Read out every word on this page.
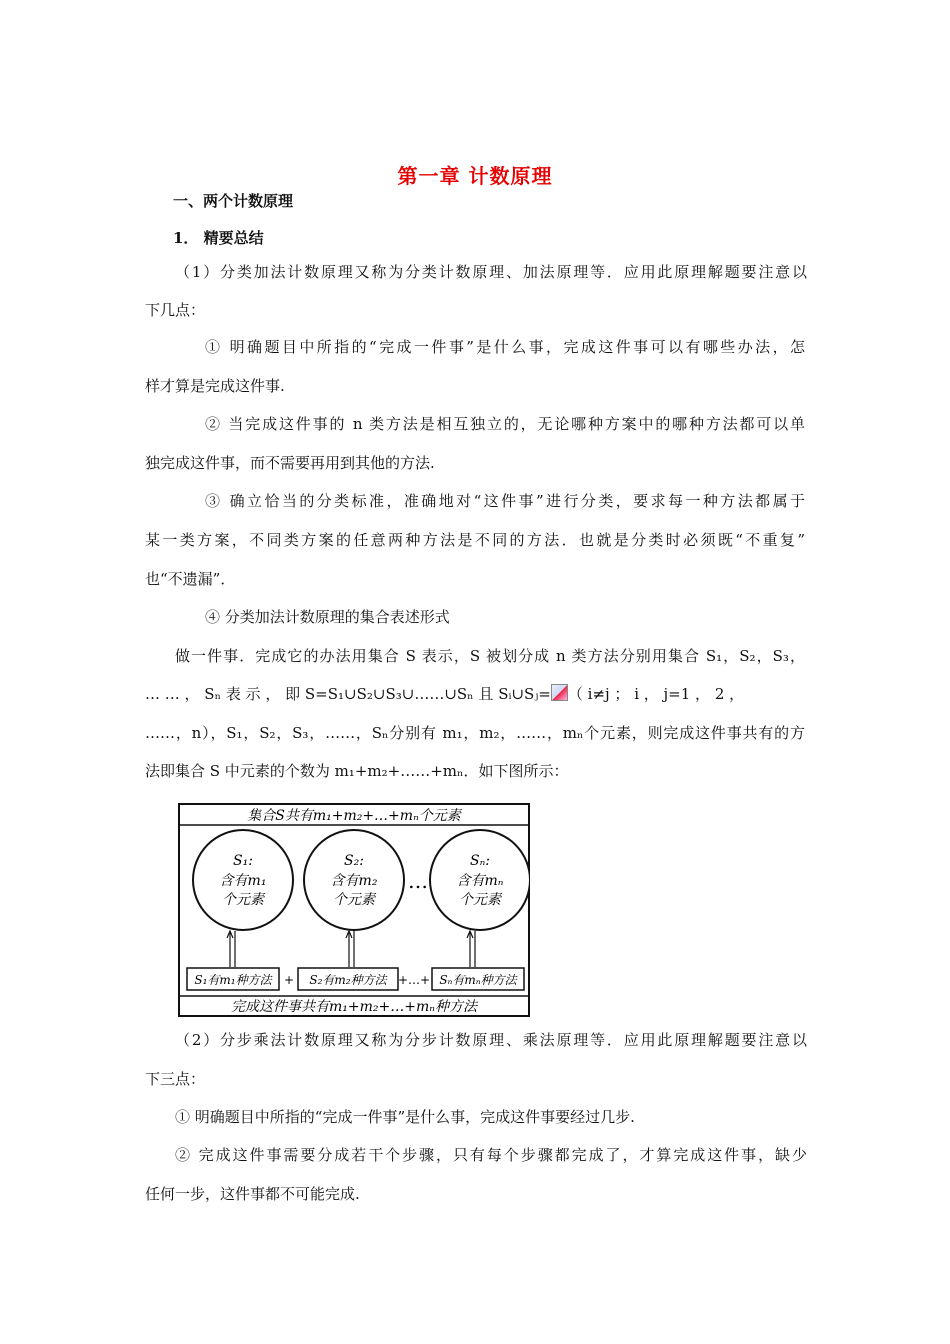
第一章 计数原理
一、两个计数原理
1． 精要总结
（1）分类加法计数原理又称为分类计数原理、加法原理等．应用此原理解题要注意以
下几点：
① 明确题目中所指的“完成一件事”是什么事，完成这件事可以有哪些办法，怎
样才算是完成这件事.
② 当完成这件事的 n 类方法是相互独立的，无论哪种方案中的哪种方法都可以单
独完成这件事，而不需要再用到其他的方法.
③ 确立恰当的分类标准，准确地对“这件事”进行分类，要求每一种方法都属于
某一类方案，不同类方案的任意两种方法是不同的方法．也就是分类时必须既“不重复”
也“不遗漏”．
④ 分类加法计数原理的集合表述形式
做一件事．完成它的办法用集合 S 表示，S 被划分成 n 类方法分别用集合 S₁，S₂，S₃，
… … ， Sₙ 表 示 ， 即 S=S₁∪S₂∪S₃∪……∪Sₙ 且 Sᵢ∪Sⱼ= （ i≠j ； i ， j=1 ， 2 ，
……，n），S₁，S₂，S₃，……，Sₙ分别有 m₁，m₂，……，mₙ个元素，则完成这件事共有的方
法即集合 S 中元素的个数为 m₁+m₂+……+mₙ．如下图所示：
集合S共有m₁+m₂+…+mₙ个元素
S₁:
含有m₁
个元素
S₂:
含有m₂
个元素
…
Sₙ:
含有mₙ
个元素
S₁有m₁种方法 + S₂有m₂种方法 +…+ Sₙ有mₙ种方法
完成这件事共有m₁+m₂+…+mₙ种方法
（2）分步乘法计数原理又称为分步计数原理、乘法原理等．应用此原理解题要注意以
下三点：
① 明确题目中所指的“完成一件事”是什么事，完成这件事要经过几步.
② 完成这件事需要分成若干个步骤，只有每个步骤都完成了，才算完成这件事，缺少
任何一步，这件事都不可能完成.
